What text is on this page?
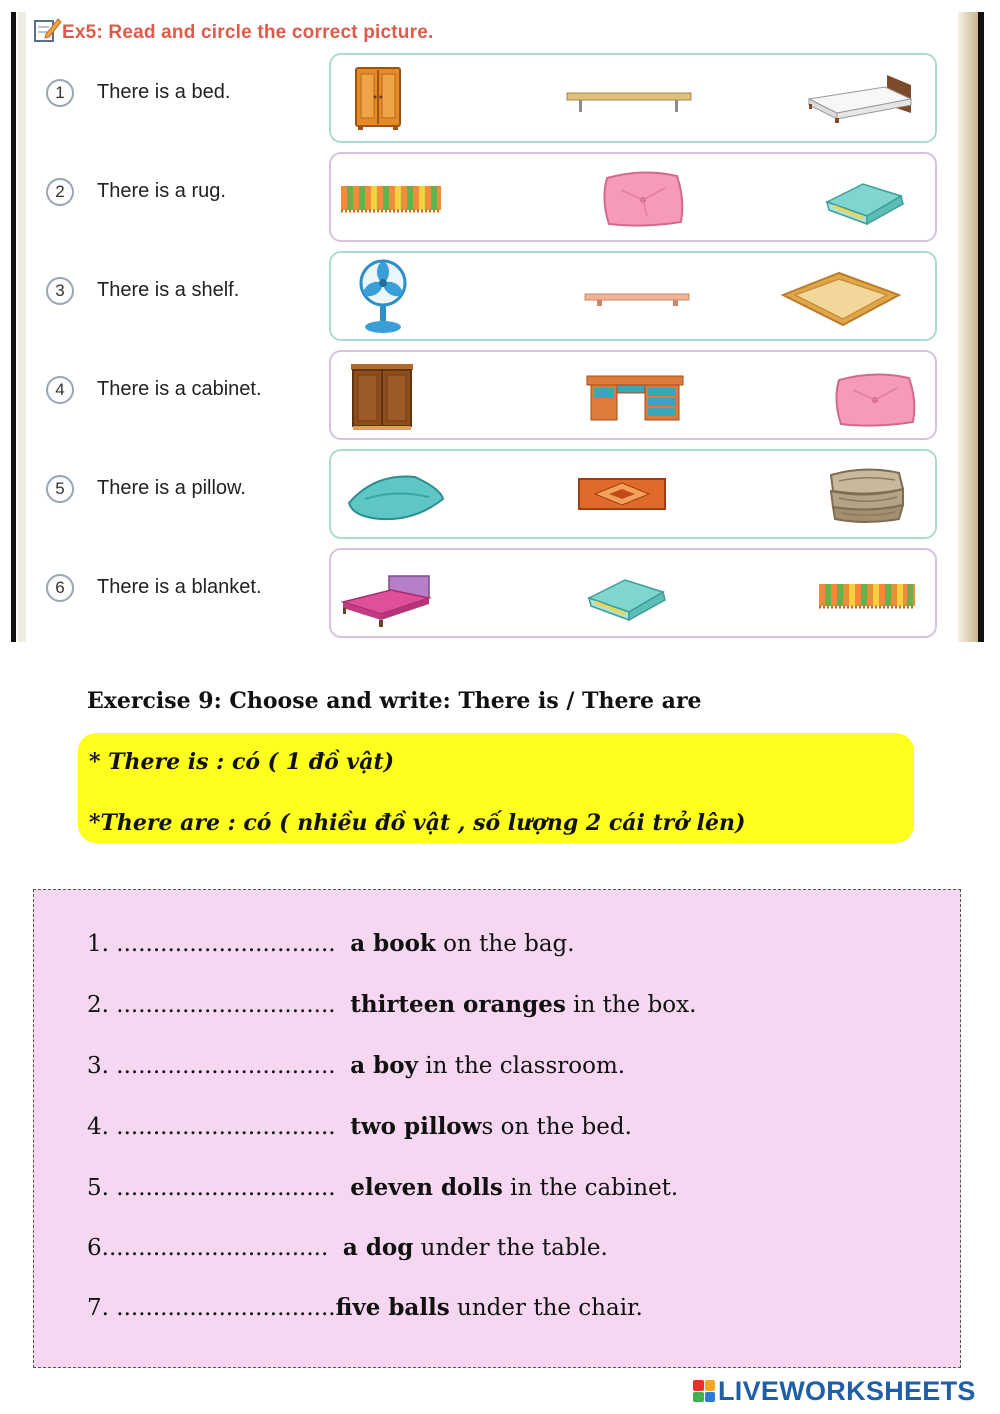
Ex5: Read and circle the correct picture.
1	There is a bed.
2	There is a rug.
3	There is a shelf.
4	There is a cabinet.
5	There is a pillow.
6	There is a blanket.
Exercise 9: Choose and write: There is / There are
* There is : có ( 1 đồ vật)
*There are : có ( nhiều đồ vật , số lượng 2 cái trở lên)
1. .............................. a book on the bag.
2. .............................. thirteen oranges in the box.
3. .............................. a boy in the classroom.
4. .............................. two pillows on the bed.
5. .............................. eleven dolls in the cabinet.
6............................... a dog under the table.
7. ..............................five balls under the chair.
LIVEWORKSHEETS
